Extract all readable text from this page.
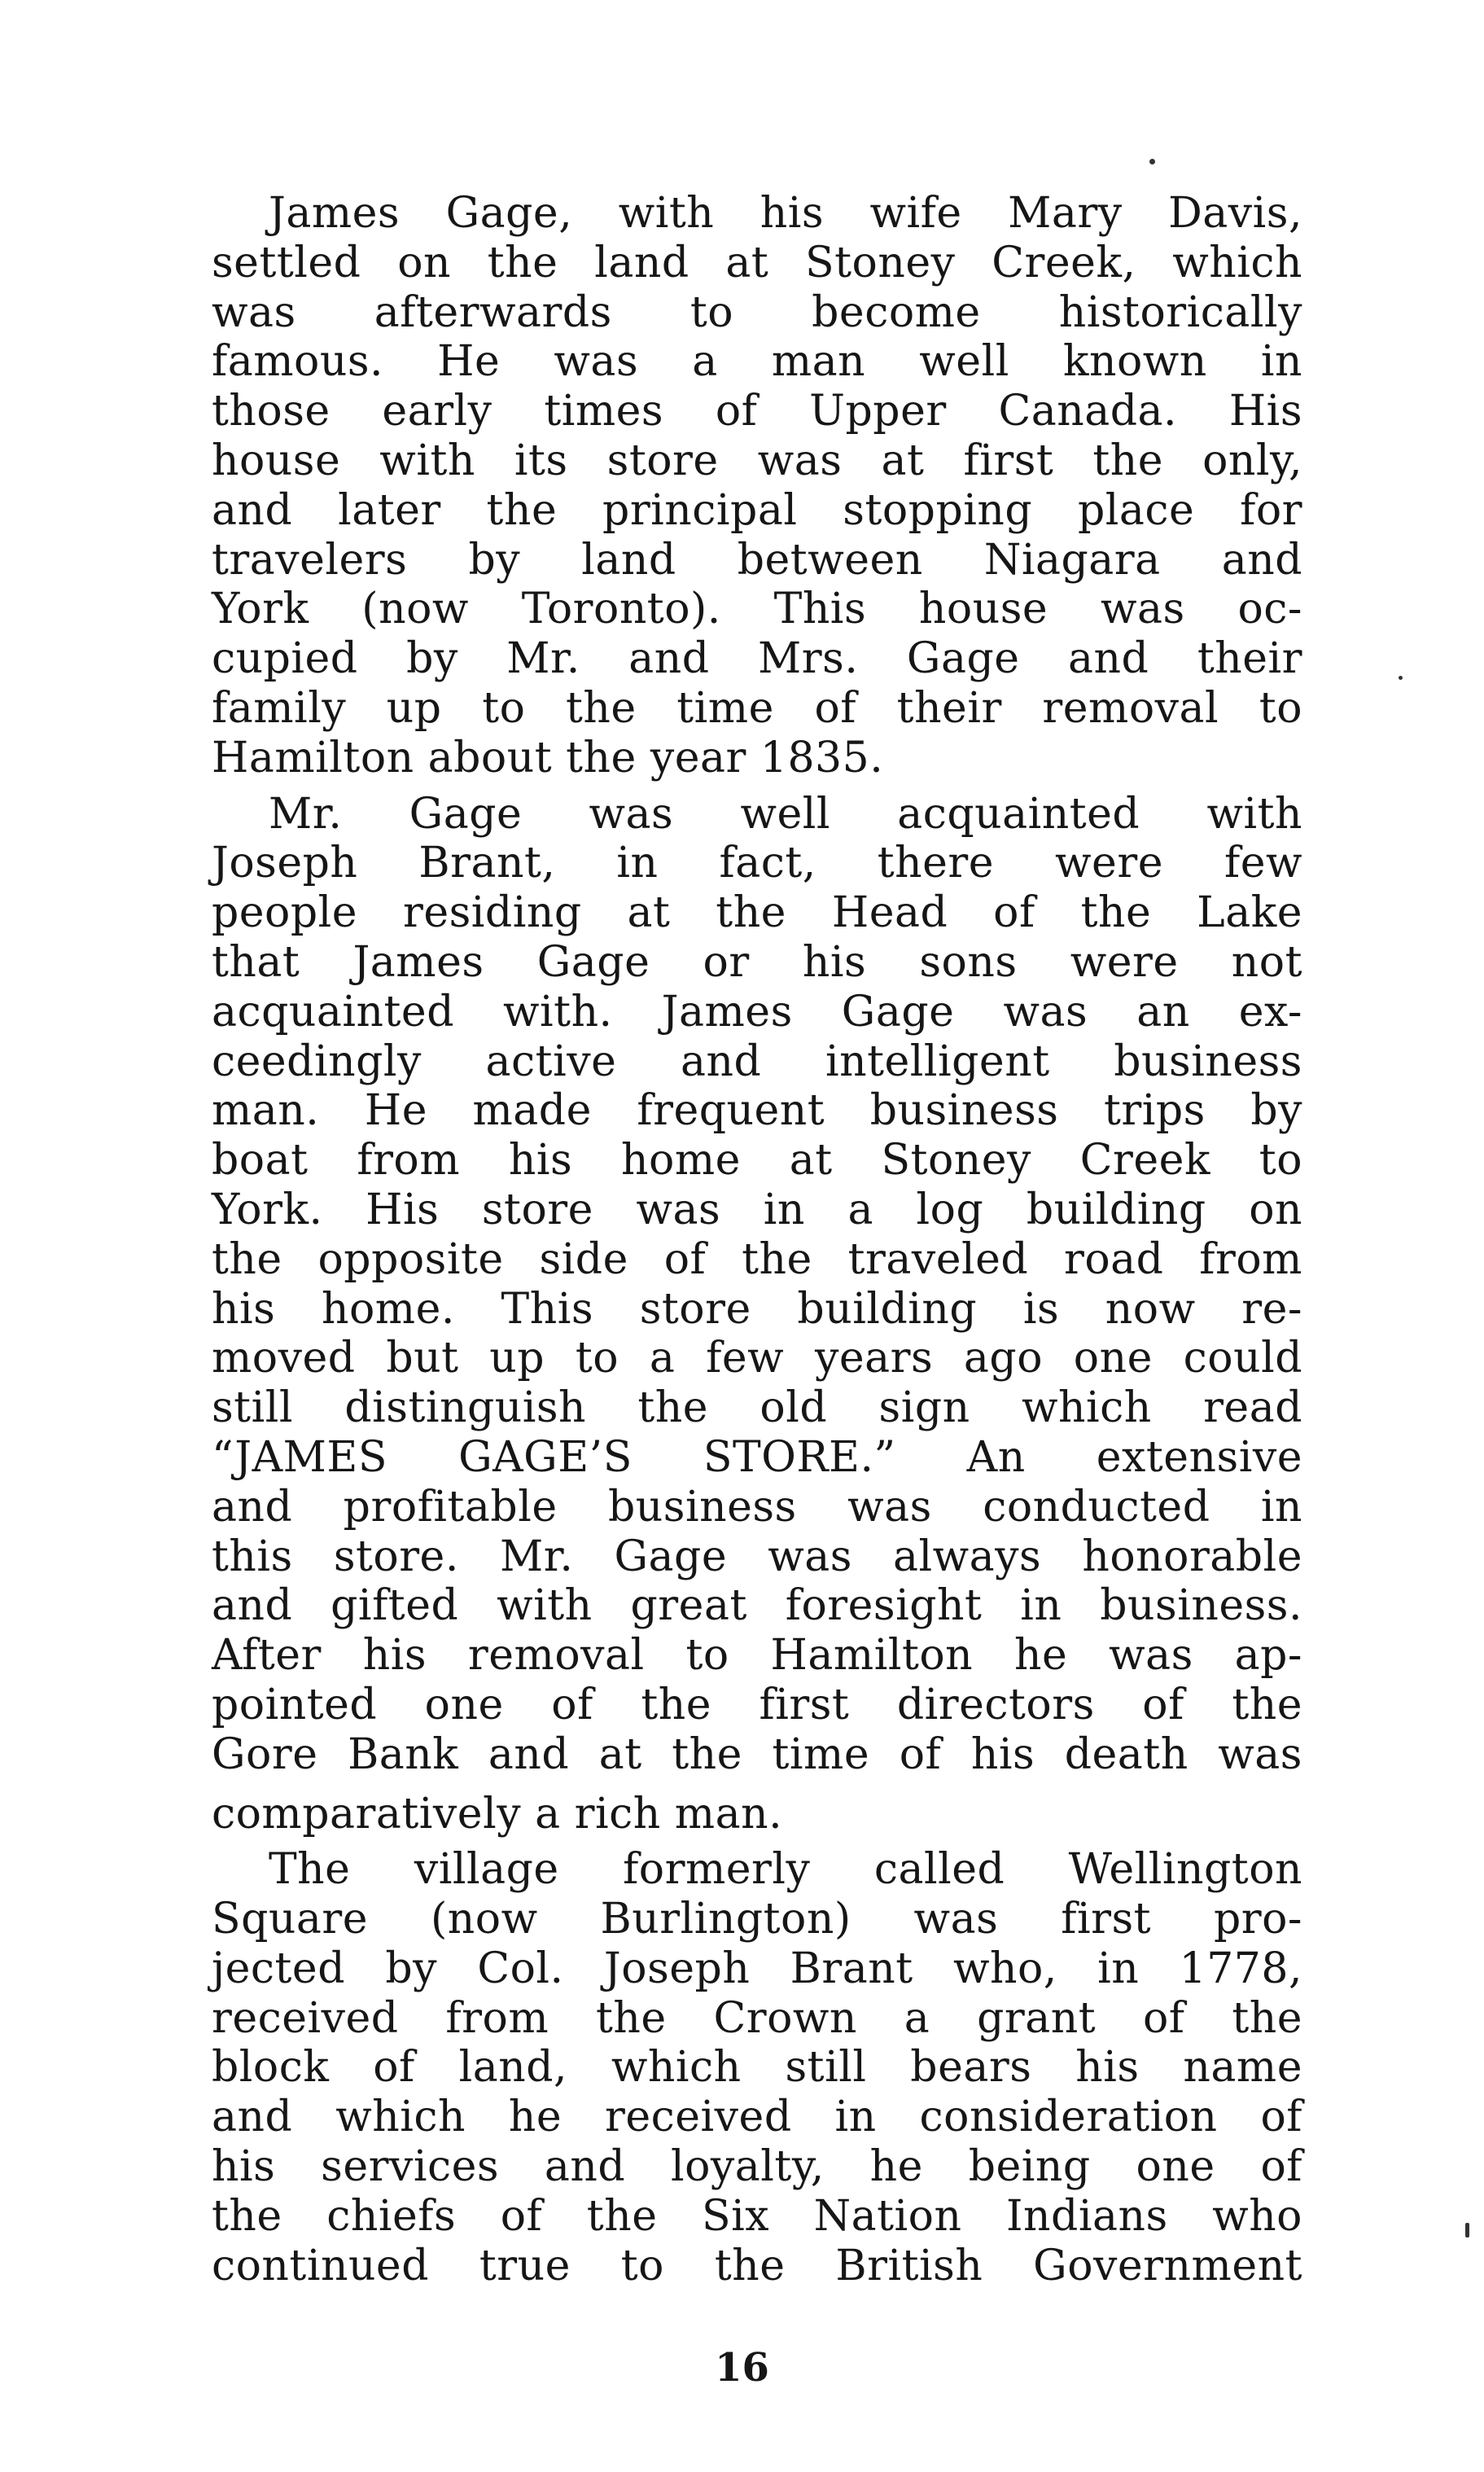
James Gage, with his wife Mary Davis,
settled on the land at Stoney Creek, which
was afterwards to become historically
famous. He was a man well known in
those early times of Upper Canada. His
house with its store was at first the only,
and later the principal stopping place for
travelers by land between Niagara and
York (now Toronto). This house was oc-
cupied by Mr. and Mrs. Gage and their
family up to the time of their removal to
Hamilton about the year 1835.
Mr. Gage was well acquainted with
Joseph Brant, in fact, there were few
people residing at the Head of the Lake
that James Gage or his sons were not
acquainted with. James Gage was an ex-
ceedingly active and intelligent business
man. He made frequent business trips by
boat from his home at Stoney Creek to
York. His store was in a log building on
the opposite side of the traveled road from
his home. This store building is now re-
moved but up to a few years ago one could
still distinguish the old sign which read
“JAMES GAGE’S STORE.” An extensive
and profitable business was conducted in
this store. Mr. Gage was always honorable
and gifted with great foresight in business.
After his removal to Hamilton he was ap-
pointed one of the first directors of the
Gore Bank and at the time of his death was
comparatively a rich man.
The village formerly called Wellington
Square (now Burlington) was first pro-
jected by Col. Joseph Brant who, in 1778,
received from the Crown a grant of the
block of land, which still bears his name
and which he received in consideration of
his services and loyalty, he being one of
the chiefs of the Six Nation Indians who
continued true to the British Government
16
